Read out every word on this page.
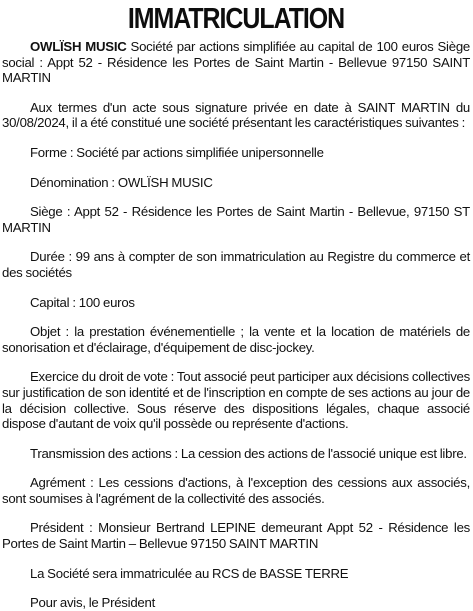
IMMATRICULATION

OWLÏSH MUSIC Société par actions simplifiée au capital de 100 euros Siège social : Appt 52 - Résidence les Portes de Saint Martin - Bellevue 97150 SAINT MARTIN

Aux termes d'un acte sous signature privée en date à SAINT MARTIN du 30/08/2024, il a été constitué une société présentant les caractéristiques suivantes :

Forme : Société par actions simplifiée unipersonnelle

Dénomination : OWLÏSH MUSIC

Siège : Appt 52 - Résidence les Portes de Saint Martin - Bellevue, 97150 ST MARTIN

Durée : 99 ans à compter de son immatriculation au Registre du commerce et des sociétés

Capital : 100 euros

Objet : la prestation événementielle ; la vente et la location de matériels de sonorisation et d'éclairage, d'équipement de disc-jockey.

Exercice du droit de vote : Tout associé peut participer aux décisions collectives sur justification de son identité et de l'inscription en compte de ses actions au jour de la décision collective. Sous réserve des dispositions légales, chaque associé dispose d'autant de voix qu'il possède ou représente d'actions.

Transmission des actions : La cession des actions de l'associé unique est libre.

Agrément : Les cessions d'actions, à l'exception des cessions aux associés, sont soumises à l'agrément de la collectivité des associés.

Président : Monsieur Bertrand LEPINE demeurant Appt 52 - Résidence les Portes de Saint Martin – Bellevue 97150 SAINT MARTIN

La Société sera immatriculée au RCS de BASSE TERRE

Pour avis, le Président
